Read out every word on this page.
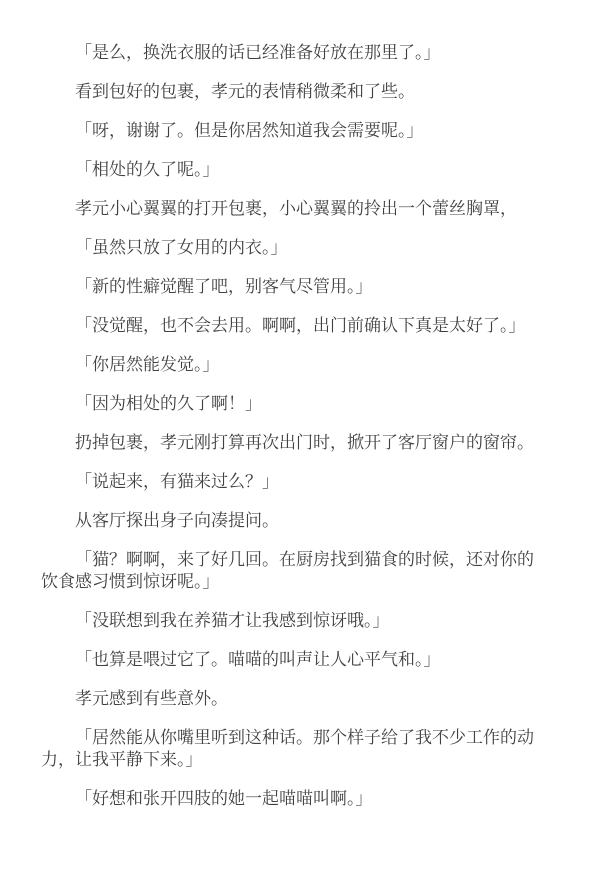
「是么，换洗衣服的话已经准备好放在那里了。」

看到包好的包裹，孝元的表情稍微柔和了些。

「呀，谢谢了。但是你居然知道我会需要呢。」

「相处的久了呢。」

孝元小心翼翼的打开包裹，小心翼翼的拎出一个蕾丝胸罩，

「虽然只放了女用的内衣。」

「新的性癖觉醒了吧，别客气尽管用。」

「没觉醒，也不会去用。啊啊，出门前确认下真是太好了。」

「你居然能发觉。」

「因为相处的久了啊！」

扔掉包裹，孝元刚打算再次出门时，掀开了客厅窗户的窗帘。

「说起来，有猫来过么？」

从客厅探出身子向凑提问。

「猫？啊啊，来了好几回。在厨房找到猫食的时候，还对你的饮食感习惯到惊讶呢。」

「没联想到我在养猫才让我感到惊讶哦。」

「也算是喂过它了。喵喵的叫声让人心平气和。」

孝元感到有些意外。

「居然能从你嘴里听到这种话。那个样子给了我不少工作的动力，让我平静下来。」

「好想和张开四肢的她一起喵喵叫啊。」
